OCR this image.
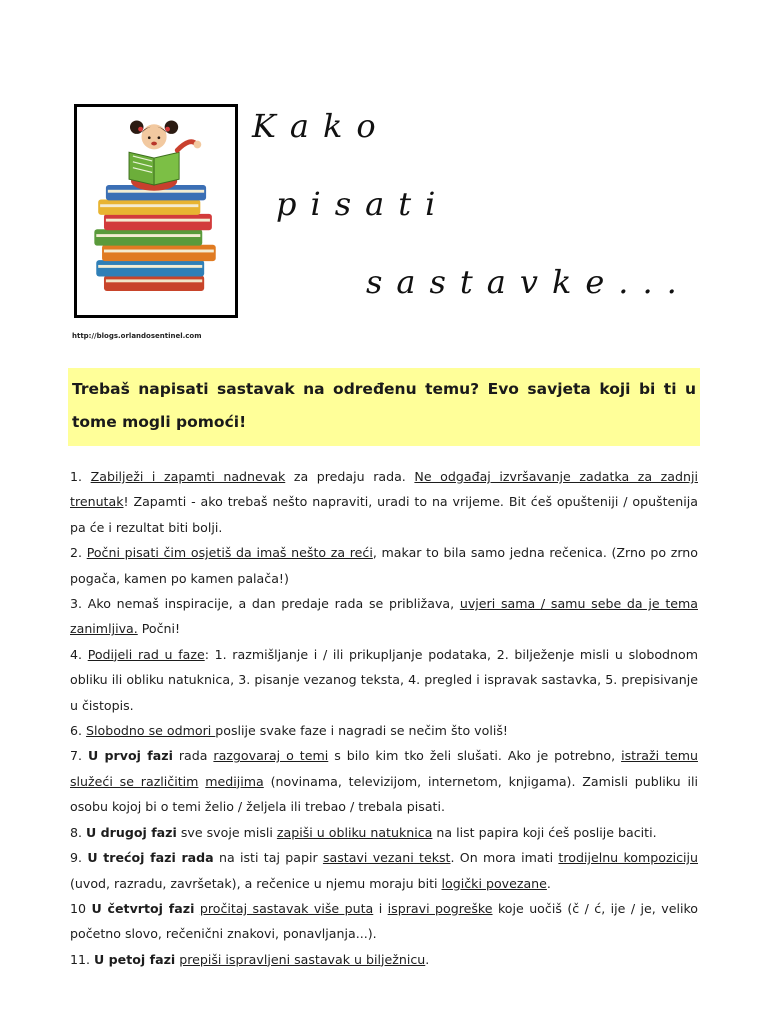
Kako
pisati
sastavke...
http://blogs.orlandosentinel.com
Trebaš napisati sastavak na određenu temu? Evo savjeta koji bi ti u tome mogli pomoći!

1. Zabilježi i zapamti nadnevak za predaju rada. Ne odgađaj izvršavanje zadatka za zadnji trenutak! Zapamti - ako trebaš nešto napraviti, uradi to na vrijeme. Bit ćeš opušteniji / opuštenija pa će i rezultat biti bolji.

2. Počni pisati čim osjetiš da imaš nešto za reći, makar to bila samo jedna rečenica. (Zrno po zrno pogača, kamen po kamen palača!)

3. Ako nemaš inspiracije, a dan predaje rada se približava, uvjeri sama / samu sebe da je tema zanimljiva. Počni!

4. Podijeli rad u faze: 1. razmišljanje i / ili prikupljanje podataka, 2. bilježenje misli u slobodnom obliku ili obliku natuknica, 3. pisanje vezanog teksta, 4. pregled i ispravak sastavka, 5. prepisivanje u čistopis.

6. Slobodno se odmori poslije svake faze i nagradi se nečim što voliš!

7. U prvoj fazi rada razgovaraj o temi s bilo kim tko želi slušati. Ako je potrebno, istraži temu služeći se različitim medijima (novinama, televizijom, internetom, knjigama). Zamisli publiku ili osobu kojoj bi o temi želio / željela ili trebao / trebala pisati.

8. U drugoj fazi sve svoje misli zapiši u obliku natuknica na list papira koji ćeš poslije baciti.

9. U trećoj fazi rada na isti taj papir sastavi vezani tekst. On mora imati trodijelnu kompoziciju (uvod, razradu, završetak), a rečenice u njemu moraju biti logički povezane.

10 U četvrtoj fazi pročitaj sastavak više puta i ispravi pogreške koje uočiš (č / ć, ije / je, veliko početno slovo, rečenični znakovi, ponavljanja...).

11. U petoj fazi prepiši ispravljeni sastavak u bilježnicu.
